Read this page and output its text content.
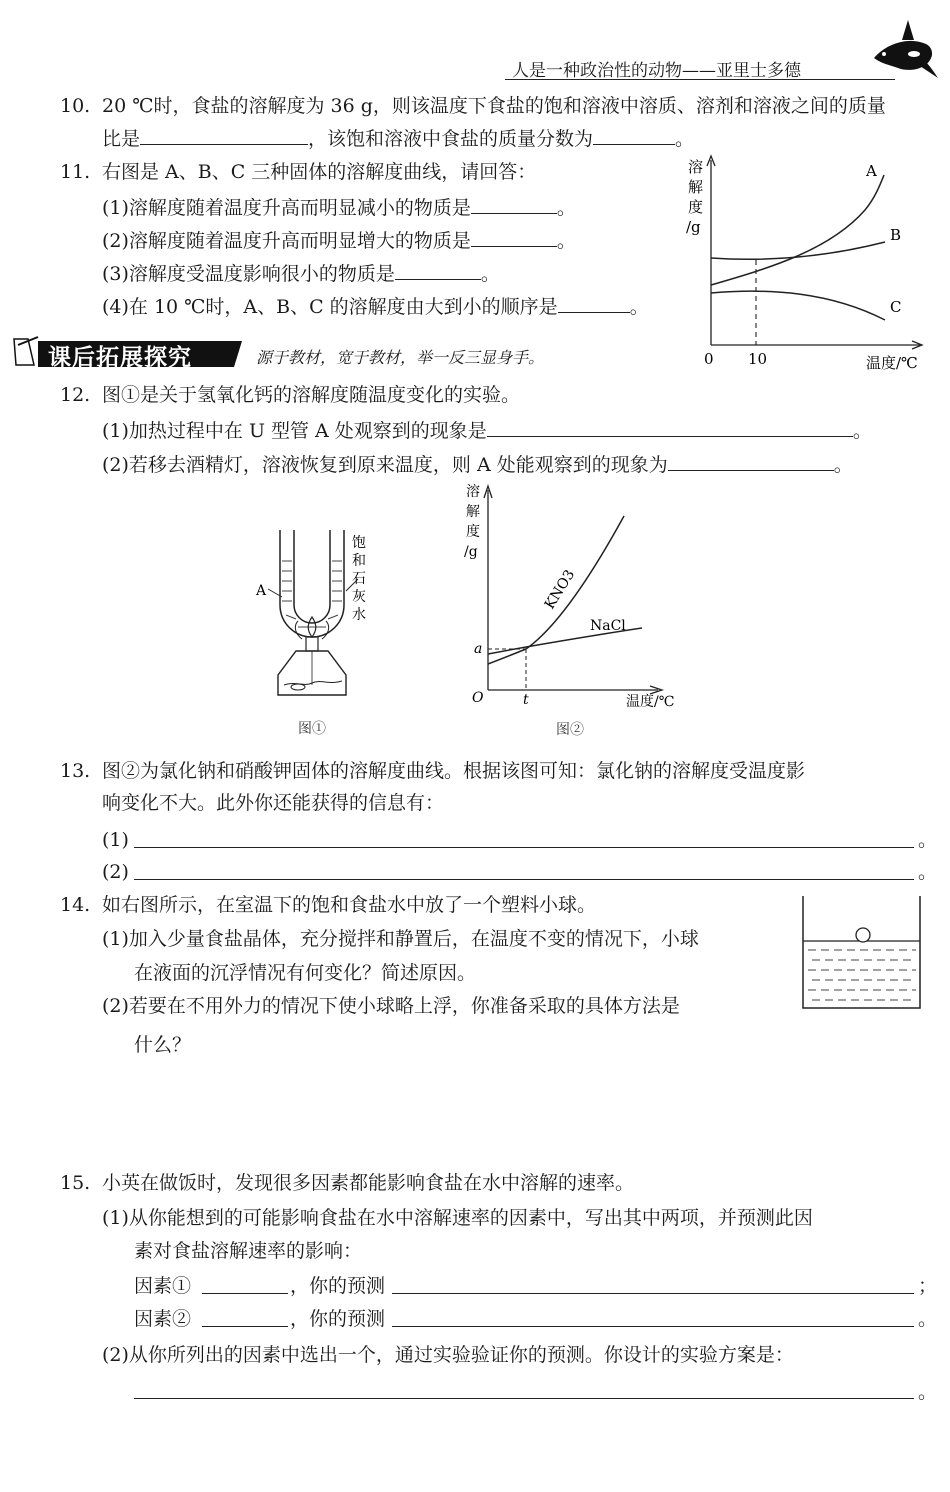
人是一种政治性的动物——亚里士多德
10. 20 ℃时，食盐的溶解度为 36 g，则该温度下食盐的饱和溶液中溶质、溶剂和溶液之间的质量
比是	，该饱和溶液中食盐的质量分数为	。
11. 右图是 A、B、C 三种固体的溶解度曲线，请回答：
(1)溶解度随着温度升高而明显减小的物质是	。
(2)溶解度随着温度升高而明显增大的物质是	。
(3)溶解度受温度影响很小的物质是	。
(4)在 10 ℃时，A、B、C 的溶解度由大到小的顺序是	。
溶
解
度
/g
0 10	温度/℃
A
B
C
课后拓展探究	源于教材，宽于教材，举一反三显身手。
12. 图①是关于氢氧化钙的溶解度随温度变化的实验。
(1)加热过程中在 U 型管 A 处观察到的现象是	。
(2)若移去酒精灯，溶液恢复到原来温度，则 A 处能观察到的现象为	。
A
饱
和
石
灰
水
图①
溶
解
度
/g
O
a
t	温度/℃
KNO3
NaCl
图②
13. 图②为氯化钠和硝酸钾固体的溶解度曲线。根据该图可知：氯化钠的溶解度受温度影
响变化不大。此外你还能获得的信息有：
(1)	。
(2)	。
14. 如右图所示，在室温下的饱和食盐水中放了一个塑料小球。
(1)加入少量食盐晶体，充分搅拌和静置后，在温度不变的情况下，小球
在液面的沉浮情况有何变化？简述原因。
(2)若要在不用外力的情况下使小球略上浮，你准备采取的具体方法是
什么？
15. 小英在做饭时，发现很多因素都能影响食盐在水中溶解的速率。
(1)从你能想到的可能影响食盐在水中溶解速率的因素中，写出其中两项，并预测此因
素对食盐溶解速率的影响：
因素①	，你的预测	；
因素②	，你的预测	。
(2)从你所列出的因素中选出一个，通过实验验证你的预测。你设计的实验方案是：
。
